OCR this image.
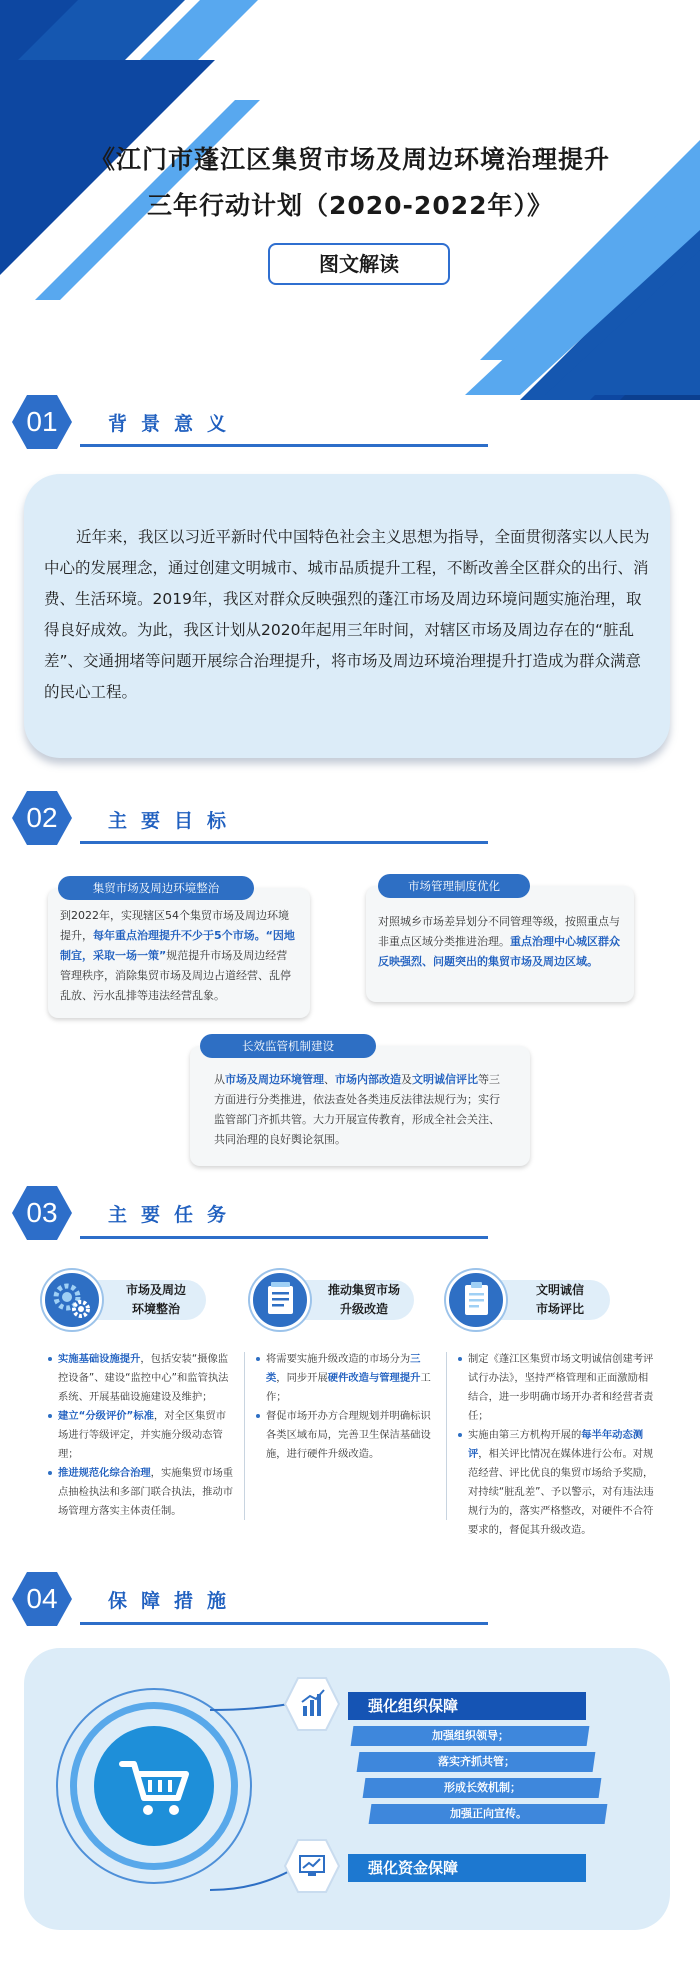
《江门市蓬江区集贸市场及周边环境治理提升
三年行动计划（2020-2022年）》
图文解读
01	背景意义

近年来，我区以习近平新时代中国特色社会主义思想为指导，全面贯彻落实以人民为中心的发展理念，通过创建文明城市、城市品质提升工程，不断改善全区群众的出行、消费、生活环境。2019年，我区对群众反映强烈的蓬江市场及周边环境问题实施治理，取得良好成效。为此，我区计划从2020年起用三年时间，对辖区市场及周边存在的“脏乱差”、交通拥堵等问题开展综合治理提升，将市场及周边环境治理提升打造成为群众满意的民心工程。

02	主要目标
到2022年，实现辖区54个集贸市场及周边环境提升，每年重点治理提升不少于5个市场。“因地制宜，采取一场一策”规范提升市场及周边经营管理秩序，消除集贸市场及周边占道经营、乱停乱放、污水乱排等违法经营乱象。
集贸市场及周边环境整治
对照城乡市场差异划分不同管理等级，按照重点与非重点区域分类推进治理。重点治理中心城区群众反映强烈、问题突出的集贸市场及周边区域。
市场管理制度优化
从市场及周边环境管理、市场内部改造及文明诚信评比等三方面进行分类推进，依法查处各类违反法律法规行为；实行监管部门齐抓共管。大力开展宣传教育，形成全社会关注、共同治理的良好舆论氛围。
长效监管机制建设
03	主要任务
市场及周边
环境整治
推动集贸市场
升级改造
文明诚信
市场评比
实施基础设施提升，包括安装“摄像监控设备”、建设“监控中心”和监管执法系统、开展基础设施建设及维护；
建立“分级评价”标准，对全区集贸市场进行等级评定，并实施分级动态管理；
推进规范化综合治理，实施集贸市场重点抽检执法和多部门联合执法，推动市场管理方落实主体责任制。
将需要实施升级改造的市场分为三类，同步开展硬件改造与管理提升工作；
督促市场开办方合理规划并明确标识各类区域布局，完善卫生保洁基础设施，进行硬件升级改造。
制定《蓬江区集贸市场文明诚信创建考评试行办法》，坚持严格管理和正面激励相结合，进一步明确市场开办者和经营者责任；
实施由第三方机构开展的每半年动态测评，相关评比情况在媒体进行公布。对规范经营、评比优良的集贸市场给予奖励，对持续“脏乱差”、予以警示，对有违法违规行为的，落实严格整改，对硬件不合符要求的，督促其升级改造。
04	保障措施
强化组织保障
加强组织领导；
落实齐抓共管；
形成长效机制；
加强正向宣传。
强化资金保障
